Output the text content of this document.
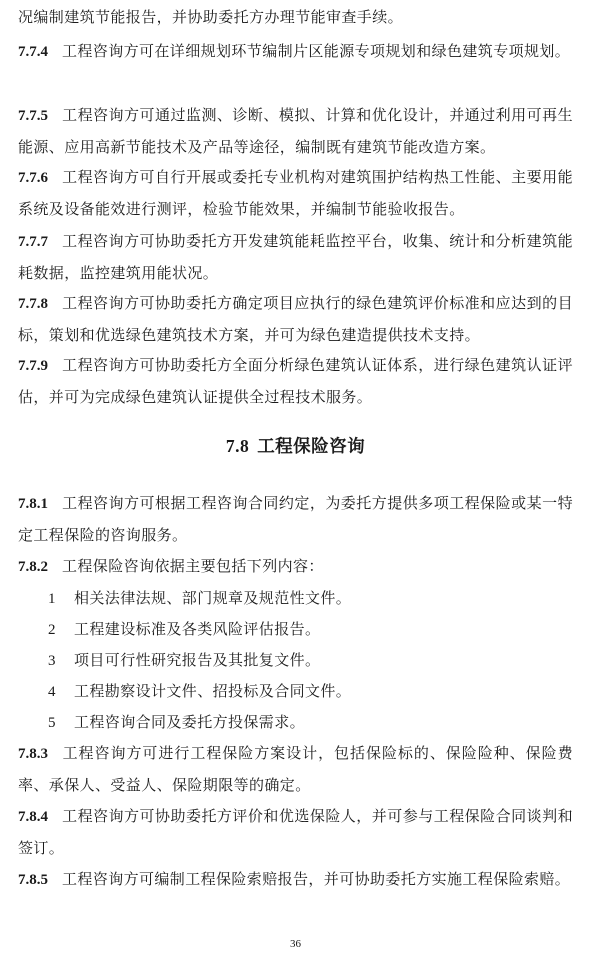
况编制建筑节能报告，并协助委托方办理节能审查手续。
7.7.4 工程咨询方可在详细规划环节编制片区能源专项规划和绿色建筑专项规划。
7.7.5 工程咨询方可通过监测、诊断、模拟、计算和优化设计，并通过利用可再生能源、应用高新节能技术及产品等途径，编制既有建筑节能改造方案。
7.7.6 工程咨询方可自行开展或委托专业机构对建筑围护结构热工性能、主要用能系统及设备能效进行测评，检验节能效果，并编制节能验收报告。
7.7.7 工程咨询方可协助委托方开发建筑能耗监控平台，收集、统计和分析建筑能耗数据，监控建筑用能状况。
7.7.8 工程咨询方可协助委托方确定项目应执行的绿色建筑评价标准和应达到的目标，策划和优选绿色建筑技术方案，并可为绿色建造提供技术支持。
7.7.9 工程咨询方可协助委托方全面分析绿色建筑认证体系，进行绿色建筑认证评估，并可为完成绿色建筑认证提供全过程技术服务。
7.8 工程保险咨询
7.8.1 工程咨询方可根据工程咨询合同约定，为委托方提供多项工程保险或某一特定工程保险的咨询服务。
7.8.2 工程保险咨询依据主要包括下列内容：
1 相关法律法规、部门规章及规范性文件。
2 工程建设标准及各类风险评估报告。
3 项目可行性研究报告及其批复文件。
4 工程勘察设计文件、招投标及合同文件。
5 工程咨询合同及委托方投保需求。
7.8.3 工程咨询方可进行工程保险方案设计，包括保险标的、保险险种、保险费率、承保人、受益人、保险期限等的确定。
7.8.4 工程咨询方可协助委托方评价和优选保险人，并可参与工程保险合同谈判和签订。
7.8.5 工程咨询方可编制工程保险索赔报告，并可协助委托方实施工程保险索赔。
36
